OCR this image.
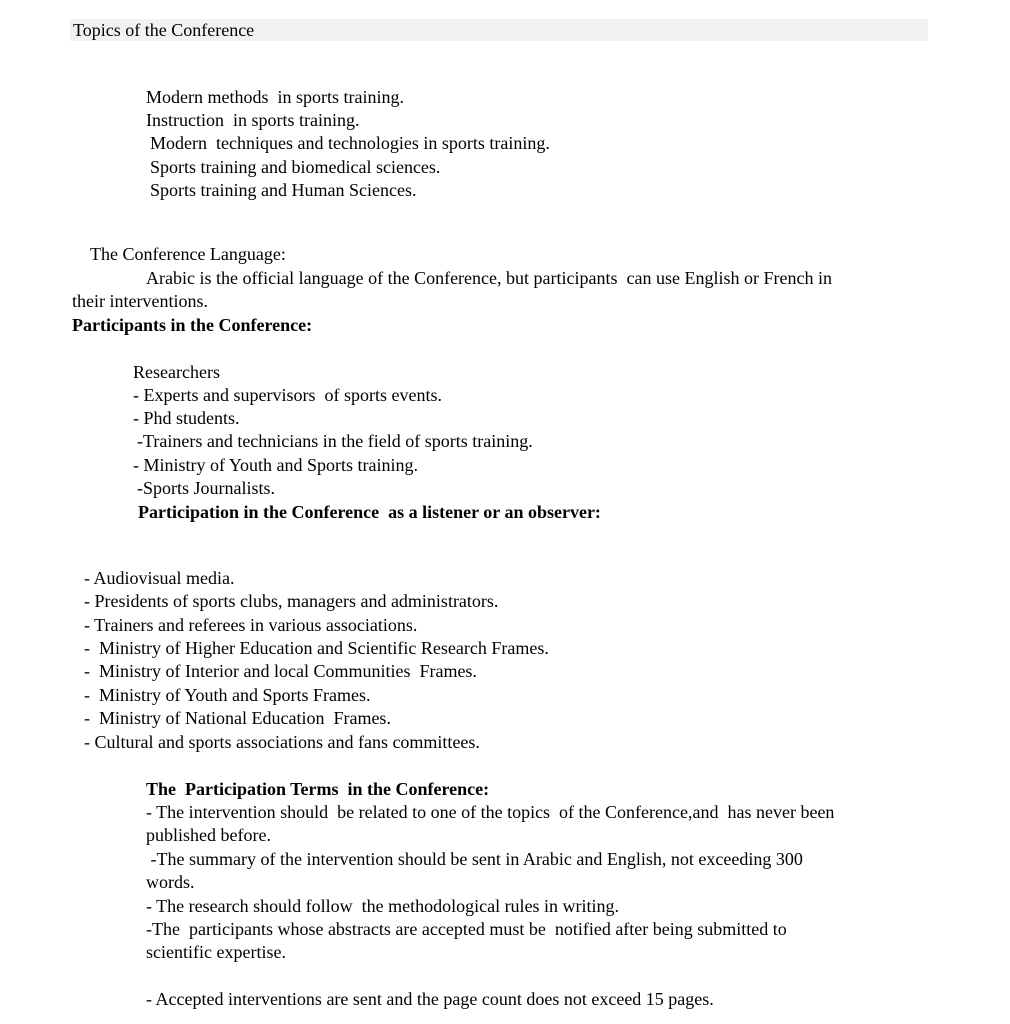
Topics of the Conference
Modern methods  in sports training.
Instruction  in sports training.
Modern  techniques and technologies in sports training.
Sports training and biomedical sciences.
Sports training and Human Sciences.
The Conference Language:
Arabic is the official language of the Conference, but participants  can use English or French in
their interventions.
Participants in the Conference:
Researchers
- Experts and supervisors  of sports events.
- Phd students.
-Trainers and technicians in the field of sports training.
- Ministry of Youth and Sports training.
-Sports Journalists.
Participation in the Conference  as a listener or an observer:
- Audiovisual media.
- Presidents of sports clubs, managers and administrators.
- Trainers and referees in various associations.
-  Ministry of Higher Education and Scientific Research Frames.
-  Ministry of Interior and local Communities  Frames.
-  Ministry of Youth and Sports Frames.
-  Ministry of National Education  Frames.
- Cultural and sports associations and fans committees.
The  Participation Terms  in the Conference:
- The intervention should  be related to one of the topics  of the Conference,and  has never been
published before.
-The summary of the intervention should be sent in Arabic and English, not exceeding 300
words.
- The research should follow  the methodological rules in writing.
-The  participants whose abstracts are accepted must be  notified after being submitted to
scientific expertise.
- Accepted interventions are sent and the page count does not exceed 15 pages.
